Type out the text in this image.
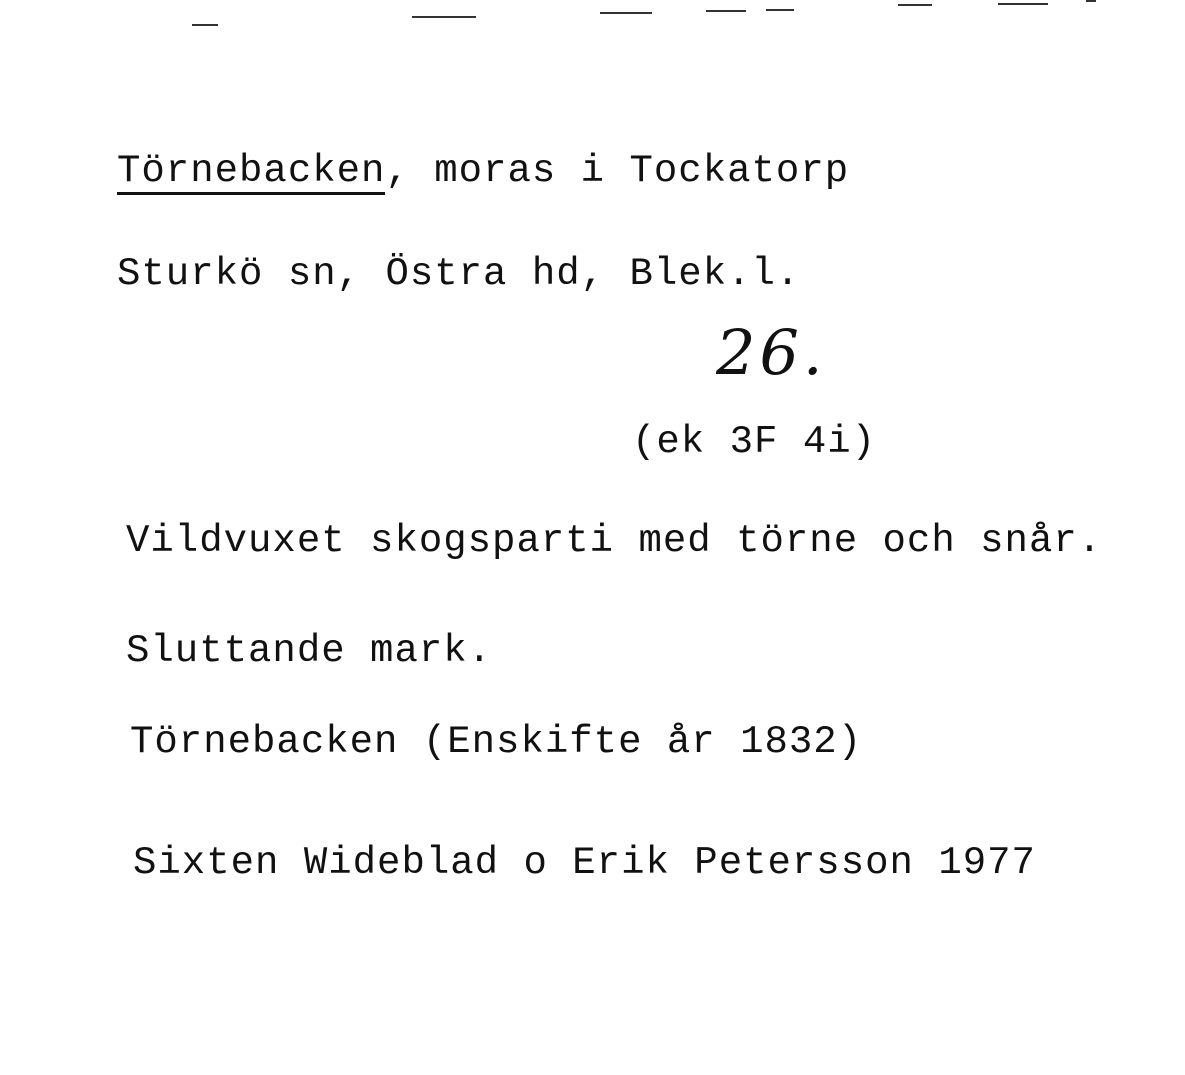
Törnebacken, moras i Tockatorp
Sturkö sn, Östra hd, Blek.l.
26.
(ek 3F 4i)
Vildvuxet skogsparti med törne och snår.
Sluttande mark.
Törnebacken (Enskifte år 1832)
Sixten Wideblad o Erik Petersson 1977
